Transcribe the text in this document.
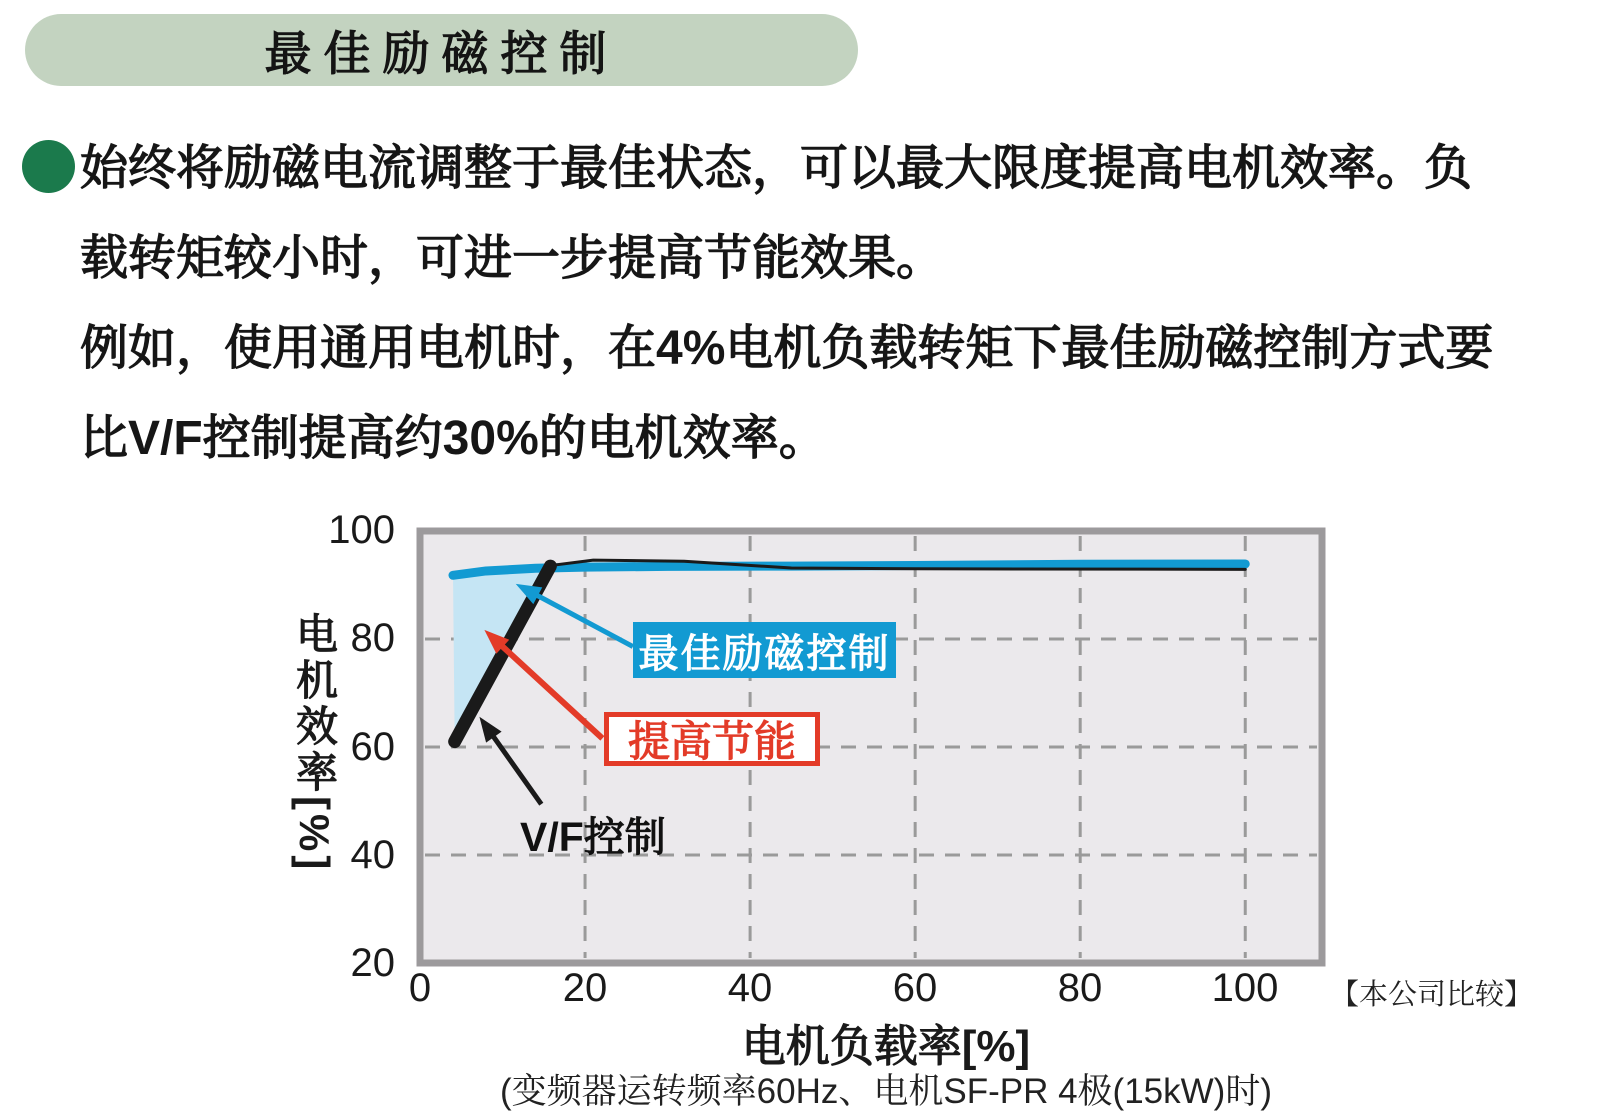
最佳励磁控制
始终将励磁电流调整于最佳状态，可以最大限度提高电机效率。负
载转矩较小时，可进一步提高节能效果。
例如，使用通用电机时，在4%电机负载转矩下最佳励磁控制方式要
比V/F控制提高约30%的电机效率。
100
80
60
40
20
0	20	40	60	80	100
电机效率[%]
电机负载率[%]
(变频器运转频率60Hz、电机SF-PR 4极(15kW)时)
【本公司比较】
最佳励磁控制
提高节能
V/F控制
